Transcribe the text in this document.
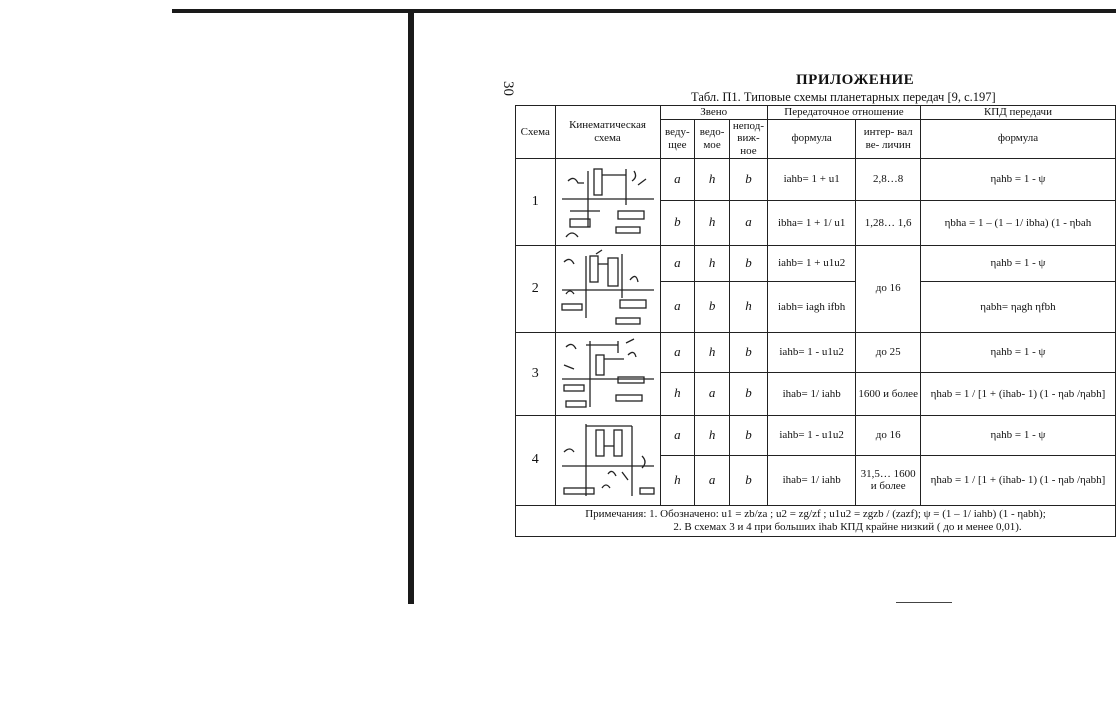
30
ПРИЛОЖЕНИЕ
Табл. П1. Типовые схемы планетарных передач [9, с.197]
Схема	Кинематическая схема	Звено			Передаточное отношение		КПД передачи
		веду- щее	ведо- мое	непод- виж- ное	формула	интер- вал ве- личин	формула
1		a	h	b	iahb= 1 + u1	2,8…8	ηahb = 1 - ψ
		b	h	a	ibha= 1 + 1/ u1	1,28… 1,6	ηbha = 1 – (1 – 1/ ibha) (1 - ηbah
2		a	h	b	iahb= 1 + u1u2	до 16	ηahb = 1 - ψ
		a	b	h	iabh= iagh ifbh		ηabh= ηagh ηfbh
3		a	h	b	iahb= 1 - u1u2	до 25	ηahb = 1 - ψ
		h	a	b	ihab= 1/ iahb	1600 и более	ηhab = 1 / [1 + (ihab- 1) (1 - ηab /ηabh]
4		a	h	b	iahb= 1 - u1u2	до 16	ηahb = 1 - ψ
		h	a	b	ihab= 1/ iahb	31,5… 1600 и более	ηhab = 1 / [1 + (ihab- 1) (1 - ηab /ηabh]
Примечания: 1. Обозначено: u1 = zb/za ; u2 = zg/zf ; u1u2 = zgzb / (zazf); ψ = (1 – 1/ iahb) (1 - ηabh);
2. В схемах 3 и 4 при больших ihab КПД крайне низкий ( до и менее 0,01).							
